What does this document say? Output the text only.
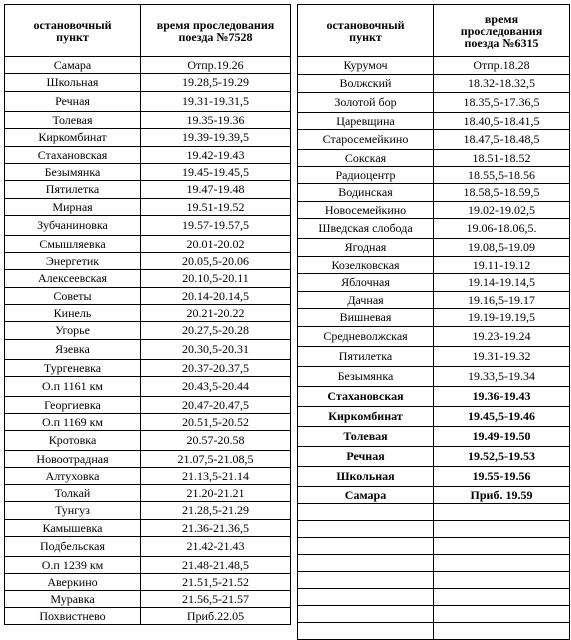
остановочный пункт	время проследования поезда №7528
Самара	Отпр.19.26
Школьная	19.28,5-19.29
Речная	19.31-19.31,5
Толевая	19.35-19.36
Киркомбинат	19.39-19.39,5
Стахановская	19.42-19.43
Безымянка	19.45-19.45,5
Пятилетка	19.47-19.48
Мирная	19.51-19.52
Зубчаниновка	19.57-19.57,5
Смышляевка	20.01-20.02
Энергетик	20.05,5-20.06
Алексеевская	20.10,5-20.11
Советы	20.14-20.14,5
Кинель	20.21-20.22
Угорье	20.27,5-20.28
Язевка	20.30,5-20.31
Тургеневка	20.37-20.37,5
О.п 1161 км	20.43,5-20.44
Георгиевка	20.47-20.47,5
О.п 1169 км	20.51,5-20.52
Кротовка	20.57-20.58
Новоотрадная	21.07,5-21.08,5
Алтуховка	21.13,5-21.14
Толкай	21.20-21.21
Тунгуз	21.28,5-21.29
Камышевка	21.36-21.36,5
Подбельская	21.42-21.43
О.п 1239 км	21.48-21.48,5
Аверкино	21.51,5-21.52
Муравка	21.56,5-21.57
Похвистнево	Приб.22.05
остановочный пункт	время проследования поезда №6315
Курумоч	Отпр.18.28
Волжский	18.32-18.32,5
Золотой бор	18.35,5-17.36,5
Царевщина	18.40,5-18.41,5
Старосемейкино	18.47,5-18.48,5
Сокская	18.51-18.52
Радиоцентр	18.55,5-18.56
Водинская	18.58,5-18.59,5
Новосемейкино	19.02-19.02,5
Шведская слобода	19.06-18.06,5.
Ягодная	19.08,5-19.09
Козелковская	19.11-19.12
Яблочная	19.14-19.14,5
Дачная	19.16,5-19.17
Вишневая	19.19-19.19,5
Средневолжская	19.23-19.24
Пятилетка	19.31-19.32
Безымянка	19.33,5-19.34
Стахановская	19.36-19.43
Киркомбинат	19.45,5-19.46
Толевая	19.49-19.50
Речная	19.52,5-19.53
Школьная	19.55-19.56
Самара	Приб. 19.59
